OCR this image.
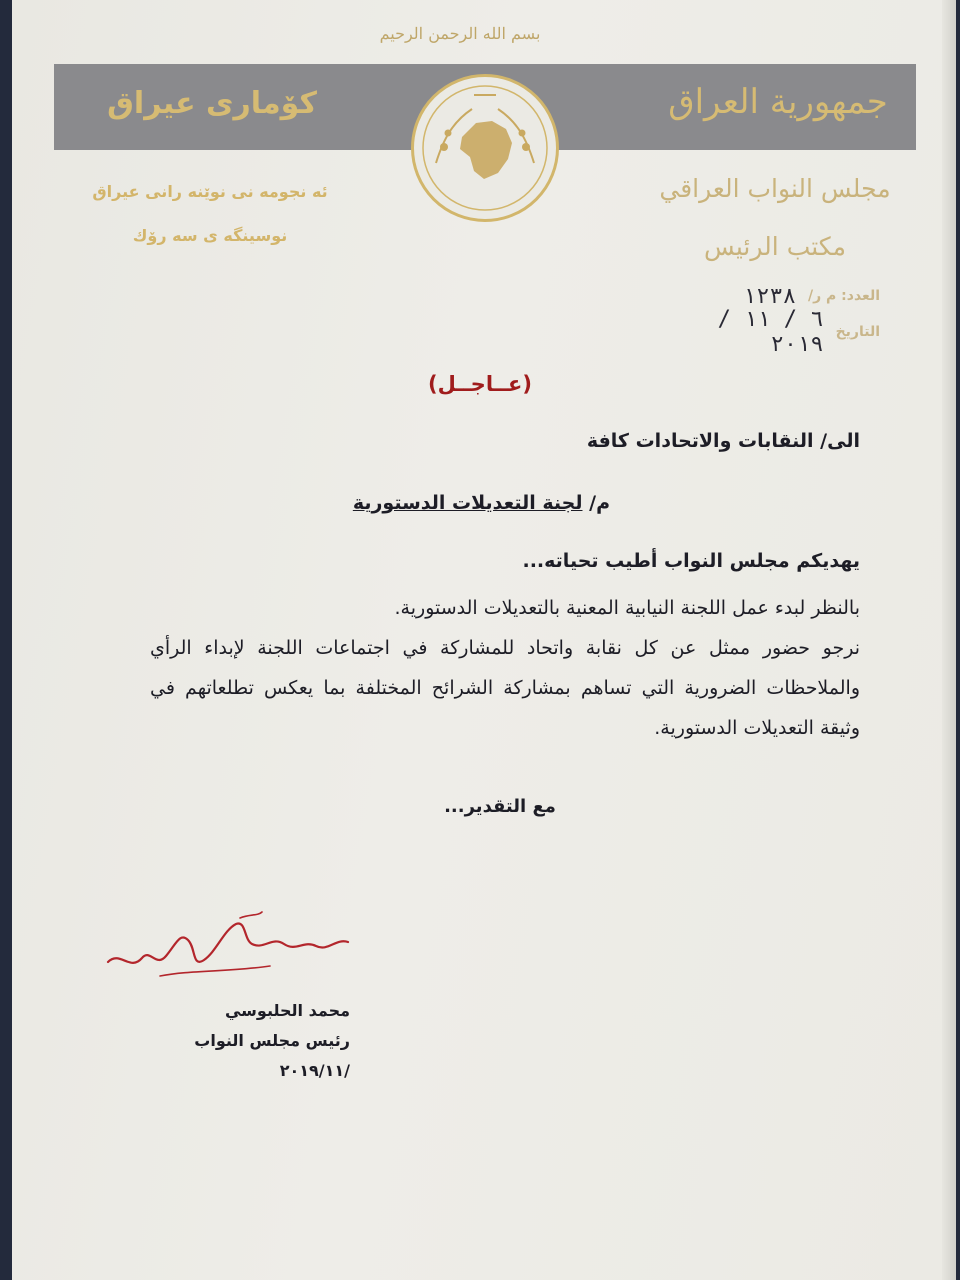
بسم الله الرحمن الرحيم
كۆماری عیراق	جمهورية العراق
ئه نجومه نی نوێنه رانی عیراق
نوسینگه ی سه رۆك
مجلس النواب العراقي
مكتب الرئيس
العدد: م ر/
١٢٣٨
التاريخ
٦ / ١١ / ٢٠١٩
(عــاجــل)
الى/ النقابات والاتحادات كافة
م/ لجنة التعديلات الدستورية
يهديكم مجلس النواب أطيب تحياته...
بالنظر لبدء عمل اللجنة النيابية المعنية بالتعديلات الدستورية.
نرجو حضور ممثل عن كل نقابة واتحاد للمشاركة في اجتماعات اللجنة لإبداء الرأي والملاحظات الضرورية التي تساهم بمشاركة الشرائح المختلفة بما يعكس تطلعاتهم في وثيقة التعديلات الدستورية.
مع التقدير...
محمد الحلبوسي
رئيس مجلس النواب
/٢٠١٩/١١
